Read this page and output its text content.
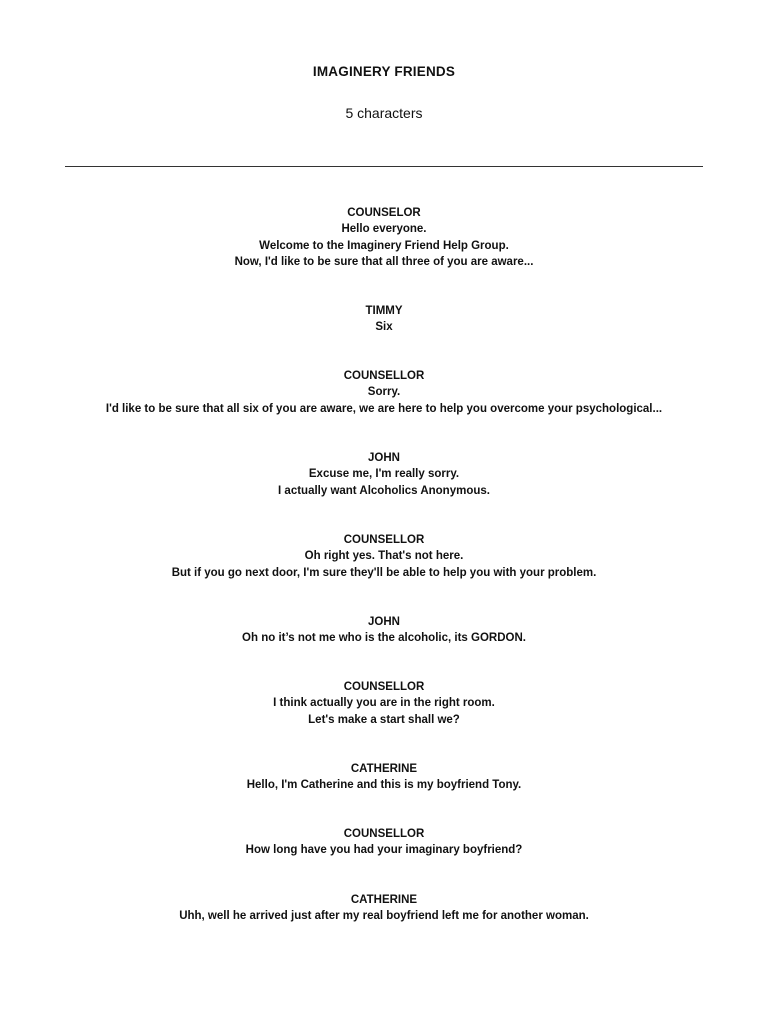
IMAGINERY FRIENDS
5 characters
COUNSELOR
Hello everyone.
Welcome to the Imaginery Friend Help Group.
Now, I'd like to be sure that all three of you are aware...
TIMMY
Six
COUNSELLOR
Sorry.
I'd like to be sure that all six of you are aware, we are here to help you overcome your psychological...
JOHN
Excuse me, I'm really sorry.
I actually want Alcoholics Anonymous.
COUNSELLOR
Oh right yes. That's not here.
But if you go next door, I'm sure they'll be able to help you with your problem.
JOHN
Oh no it’s not me who is the alcoholic, its GORDON.
COUNSELLOR
I think actually you are in the right room.
Let's make a start shall we?
CATHERINE
Hello, I'm Catherine and this is my boyfriend Tony.
COUNSELLOR
How long have you had your imaginary boyfriend?
CATHERINE
Uhh, well he arrived just after my real boyfriend left me for another woman.
